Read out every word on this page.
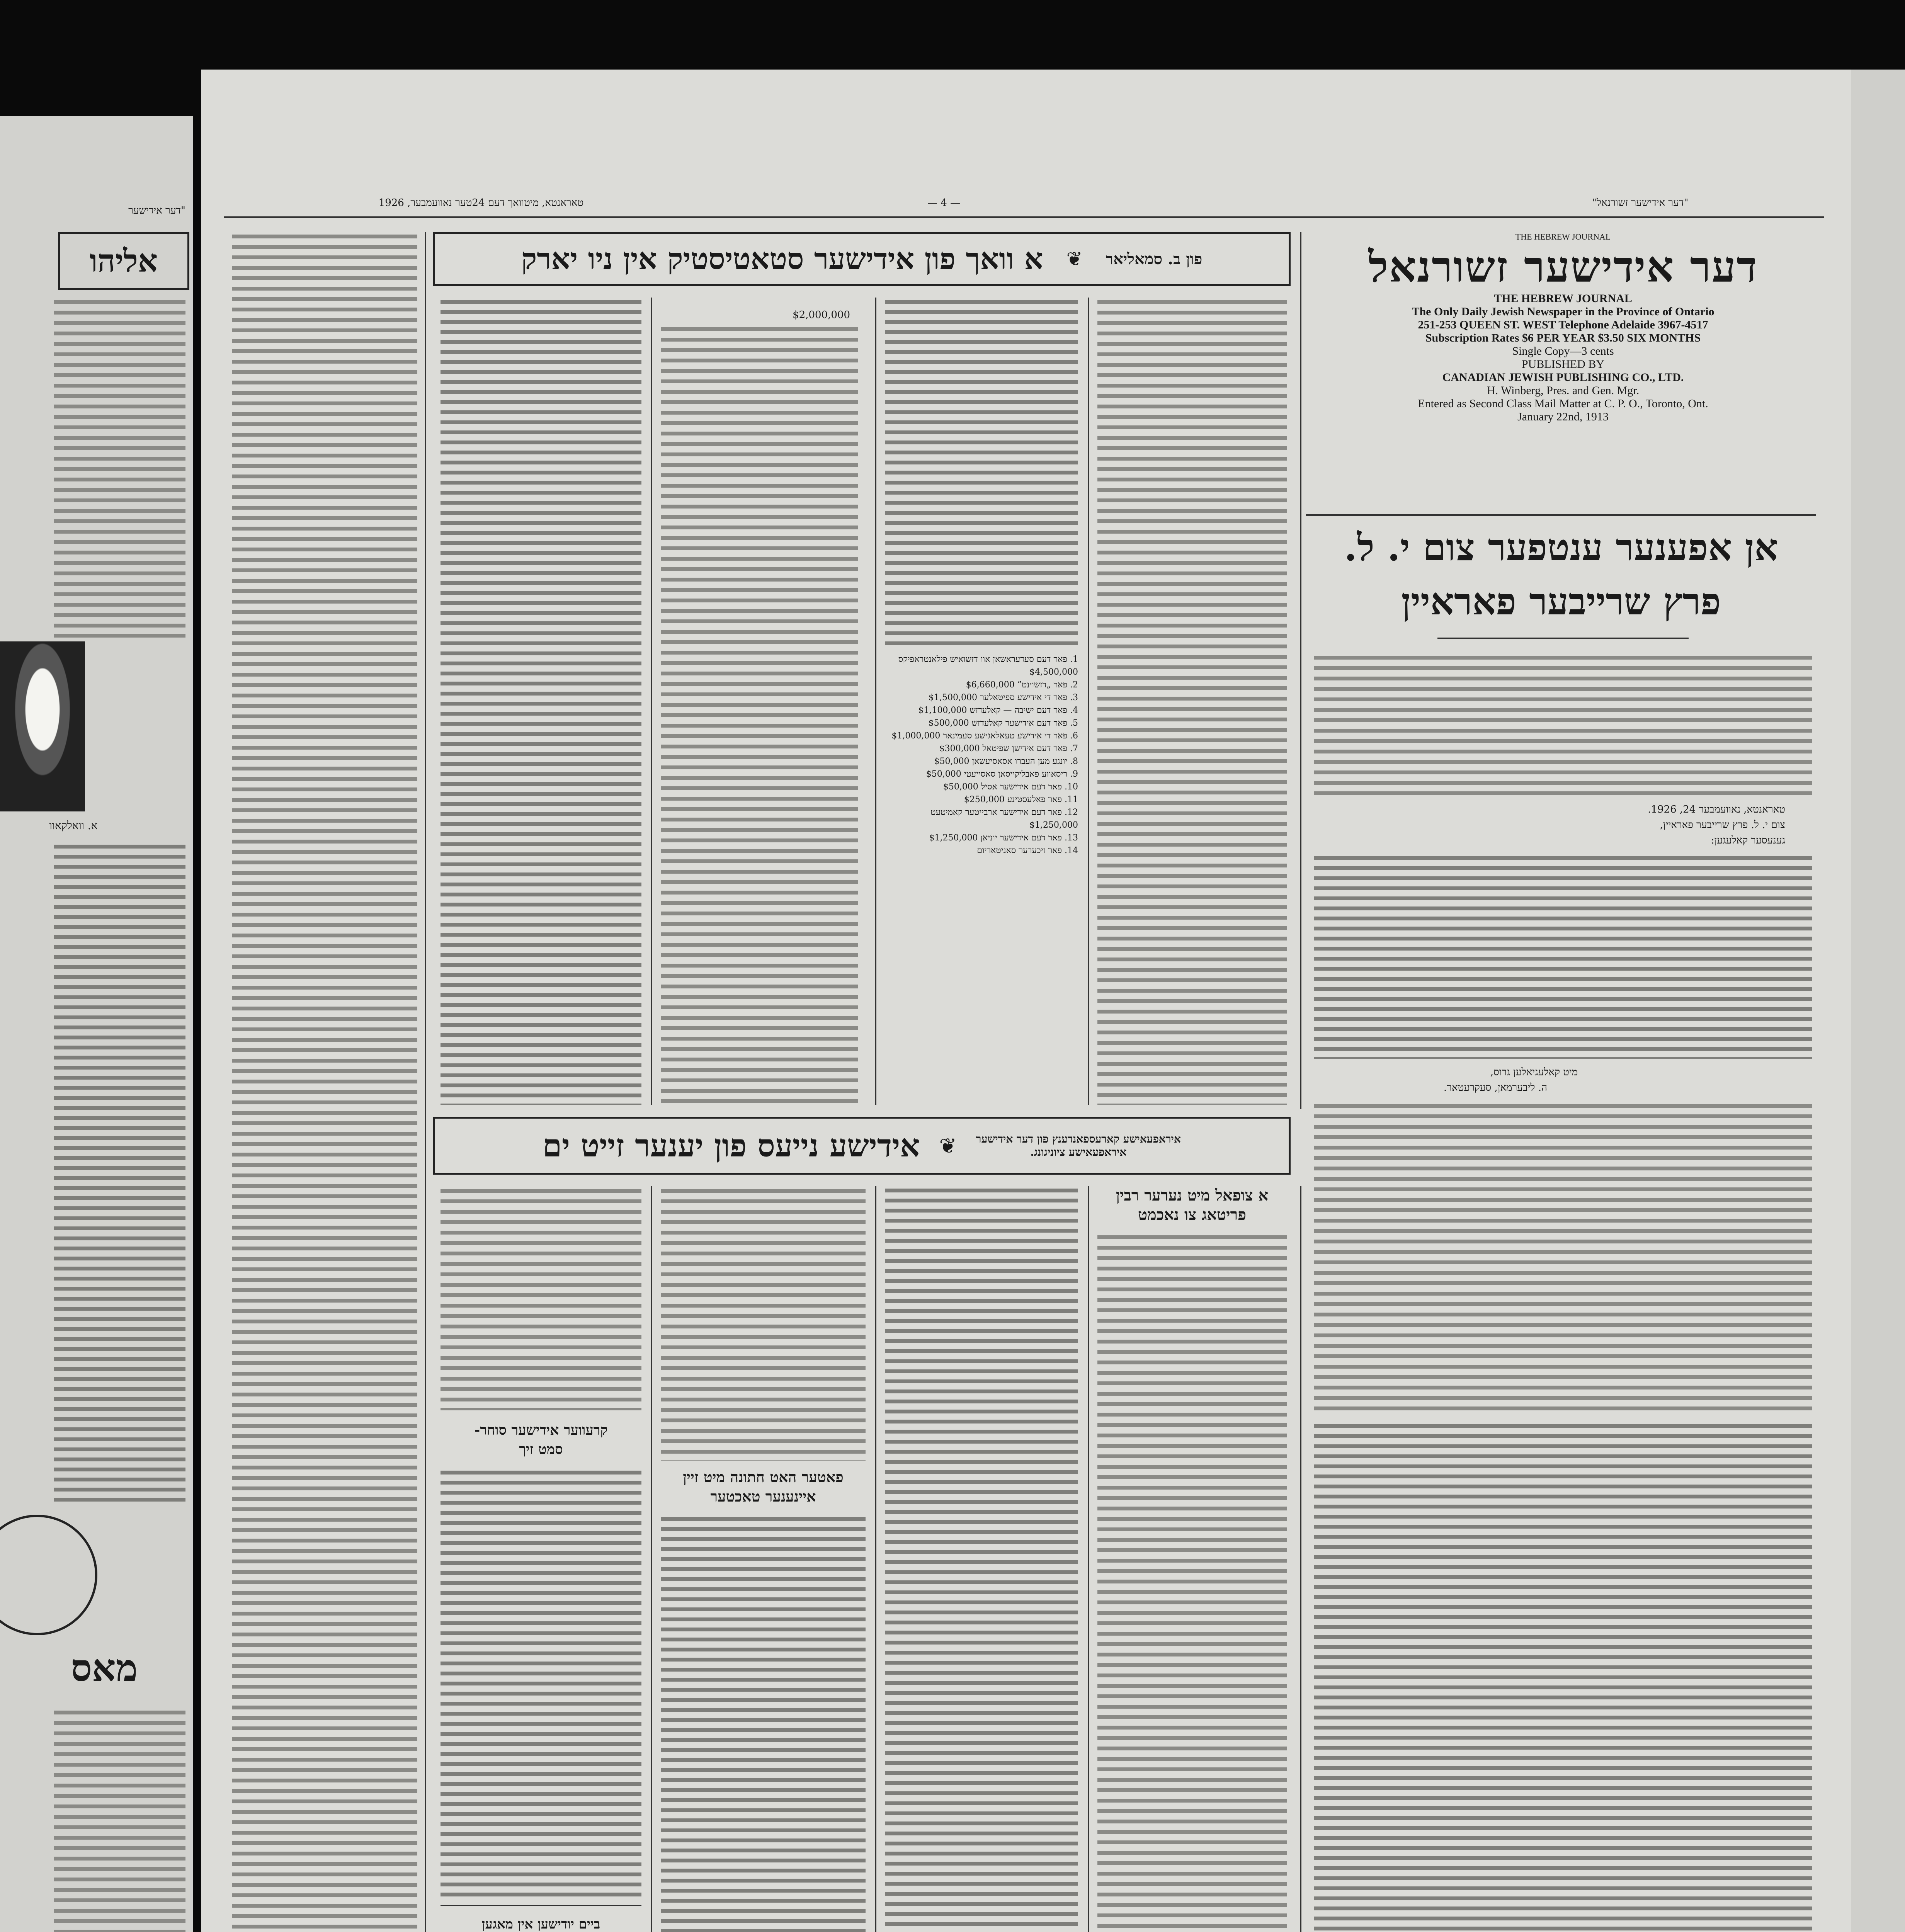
"דער אידישער זשורנאל"
— 4 —
טאראנטא, מיטוואך דעם 24טער נאוועמבער, 1926
THE HEBREW JOURNAL
דער אידישער זשורנאל
THE HEBREW JOURNAL
The Only Daily Jewish Newspaper in the Province of Ontario
251-253 QUEEN ST. WEST Telephone Adelaide 3967-4517
Subscription Rates $6 PER YEAR $3.50 SIX MONTHS
Single Copy—3 cents
PUBLISHED BY
CANADIAN JEWISH PUBLISHING CO., LTD.
H. Winberg, Pres. and Gen. Mgr.
Entered as Second Class Mail Matter at C. P. O., Toronto, Ont.
January 22nd, 1913
אן אפענער ענטפער צום י. ל.
פרץ שרייבער פאראיין
טאראנטא, נאוועמבער 24, 1926.
צום י. ל. פרץ שרייבער פאראיין,
גענעסער קאלעגען:
מיט קאלעגיאלען גרוס,
ה. ליבערמאן, סעקרעטאר.
פון ב. סמאליאר
❦
א וואך פון אידישער סטאטיסטיק אין ניו יארק
1. פאר דעם סעדעראשאן אוו דזשואיש פילאנטראפיקס $4,500,000
2. פאר „דזשוינט” $6,660,000
3. פאר די אידישע ספיטאלער $1,500,000
4. פאר דעם ישיבה — קאלעדזש $1,100,000
5. פאר דעם אידישער קאלעדזש $500,000
6. פאר די אידישע טעאלאגישע סעמינאר $1,000,000
7. פאר דעם אידישן שפיטאל $300,000
8. יונגע מען העברו אסאסיעשאן $50,000
9. ריסאווע פאבליקייסאן סאסייעטי $50,000
10. פאר דעם אידישער אסיל $50,000
11. פאר פאלעסטינע $250,000
12. פאר דעם אידישער ארבייטער קאמיטעט $1,250,000
13. פאר דעם אידישער יוניאן $1,250,000
14. פאר זיכערער סאניטאריום
$2,000,000
איראפעאישע קארעספאנדענץ פון דער אידישער
איראפעאישע ציוניגונג.
❦
אידישע נייעס פון יענער זייט ים
א צופאל מיט נערער רבין
פריטאג צו נאכמט
פאטער האט חתונה מיט זיין
איינענער טאכטער
קרעווער אידישער סוחר-
סמט זיך
ביים יודישען אין מאגען
"דער אידישער
אליהו
א. וואלקאוו
מאס
